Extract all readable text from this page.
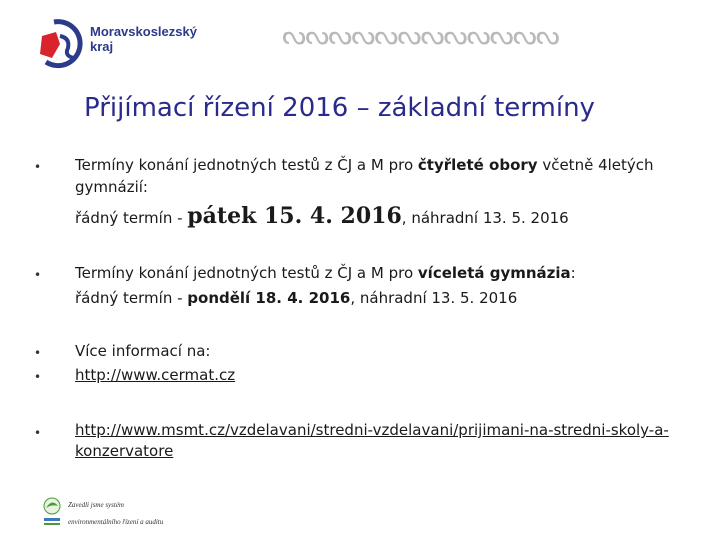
Moravskoslezský
kraj	ᔓᔓᔓᔓᔓᔓᔓᔓᔓᔓᔓᔓ
Přijímací řízení 2016 – základní termíny
• Termíny konání jednotných testů z ČJ a M pro čtyřleté obory včetně 4letých
gymnázií:
řádný termín - pátek 15. 4. 2016, náhradní 13. 5. 2016
• Termíny konání jednotných testů z ČJ a M pro víceletá gymnázia:
řádný termín - pondělí 18. 4. 2016, náhradní 13. 5. 2016
•
•
Více informací na:
http://www.cermat.cz
• http://www.msmt.cz/vzdelavani/stredni-vzdelavani/prijimani-na-stredni-skoly-a-
konzervatore
Zavedli jsme systém
environmentálního řízení a auditu
